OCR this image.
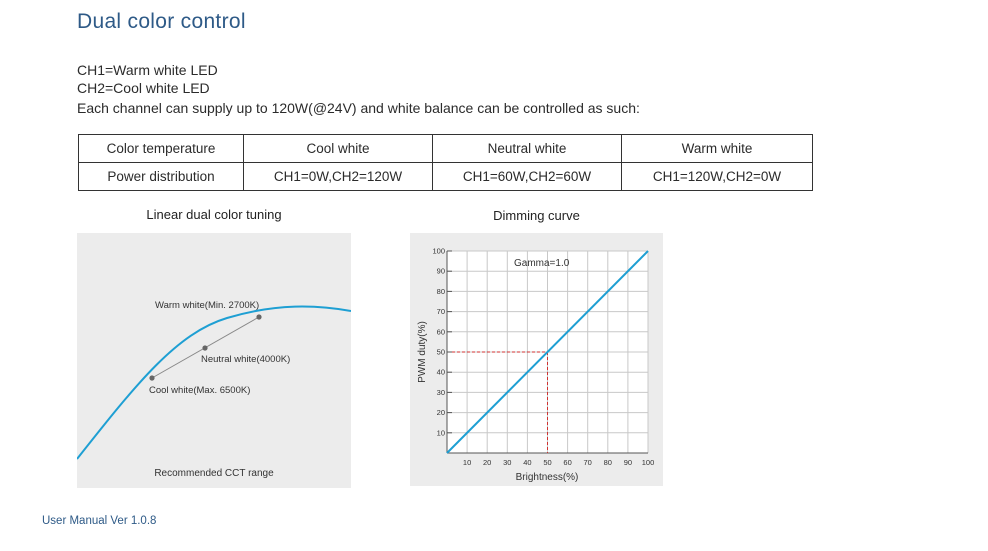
Dual color control
CH1=Warm white LED
CH2=Cool white LED
Each channel can supply up to 120W(@24V) and white balance can be controlled as such:
Color temperature	Cool white	Neutral white	Warm white
Power distribution	CH1=0W,CH2=120W	CH1=60W,CH2=60W	CH1=120W,CH2=0W
Linear dual color tuning
Warm white(Min. 2700K)
Neutral white(4000K)
Cool white(Max. 6500K)
Recommended CCT range
Dimming curve
10 20 30 40 50 60 70 80 90 100
10
20
30
40
50
60
70
80
90
100
Gamma=1.0
Brightness(%)
PWM duty(%)
User Manual Ver 1.0.8
